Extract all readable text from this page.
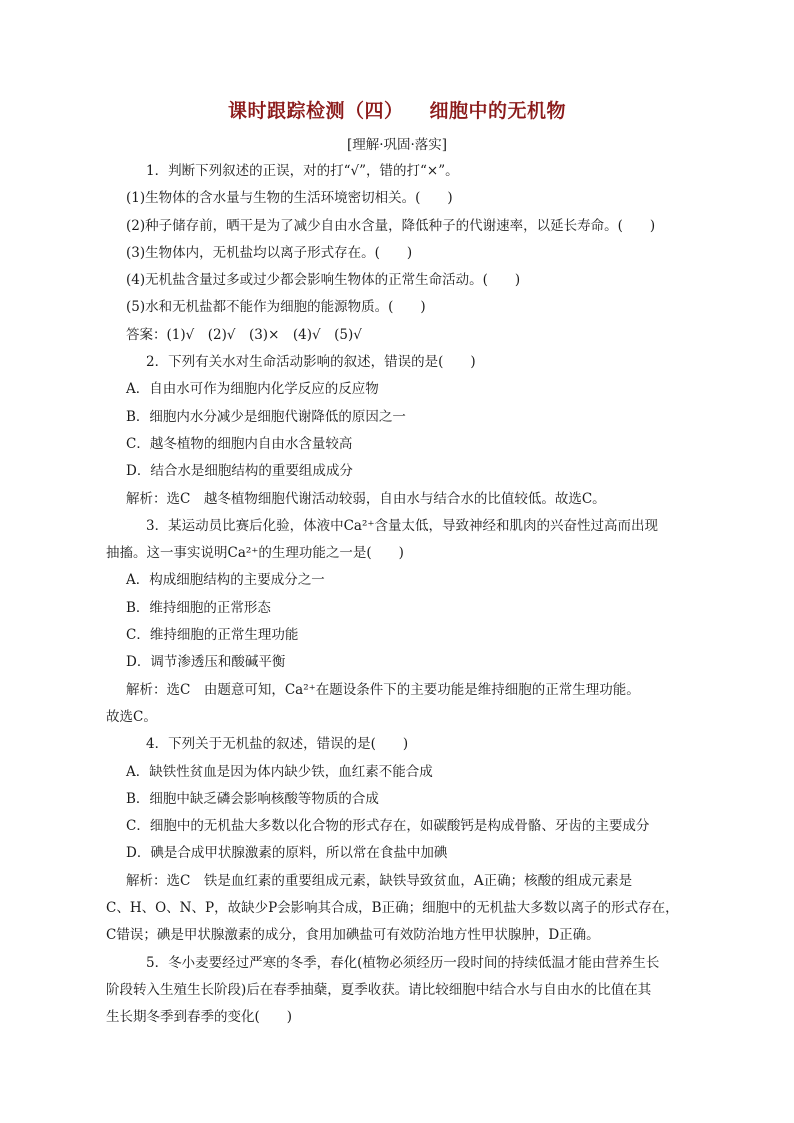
课时跟踪检测（四） 细胞中的无机物
[理解·巩固·落实]
1．判断下列叙述的正误，对的打“√”，错的打“×”。
(1)生物体的含水量与生物的生活环境密切相关。(　　)
(2)种子储存前，晒干是为了减少自由水含量，降低种子的代谢速率，以延长寿命。(　　)
(3)生物体内，无机盐均以离子形式存在。(　　)
(4)无机盐含量过多或过少都会影响生物体的正常生命活动。(　　)
(5)水和无机盐都不能作为细胞的能源物质。(　　)
答案：(1)√　(2)√　(3)×　(4)√　(5)√
2．下列有关水对生命活动影响的叙述，错误的是(　　)
A．自由水可作为细胞内化学反应的反应物
B．细胞内水分减少是细胞代谢降低的原因之一
C．越冬植物的细胞内自由水含量较高
D．结合水是细胞结构的重要组成成分
解析：选C　越冬植物细胞代谢活动较弱，自由水与结合水的比值较低。故选C。
3．某运动员比赛后化验，体液中Ca²⁺含量太低，导致神经和肌肉的兴奋性过高而出现
抽搐。这一事实说明Ca²⁺的生理功能之一是(　　)
A．构成细胞结构的主要成分之一
B．维持细胞的正常形态
C．维持细胞的正常生理功能
D．调节渗透压和酸碱平衡
解析：选C　由题意可知，Ca²⁺在题设条件下的主要功能是维持细胞的正常生理功能。
故选C。
4．下列关于无机盐的叙述，错误的是(　　)
A．缺铁性贫血是因为体内缺少铁，血红素不能合成
B．细胞中缺乏磷会影响核酸等物质的合成
C．细胞中的无机盐大多数以化合物的形式存在，如碳酸钙是构成骨骼、牙齿的主要成分
D．碘是合成甲状腺激素的原料，所以常在食盐中加碘
解析：选C　铁是血红素的重要组成元素，缺铁导致贫血，A正确；核酸的组成元素是
C、H、O、N、P，故缺少P会影响其合成，B正确；细胞中的无机盐大多数以离子的形式存在，
C错误；碘是甲状腺激素的成分，食用加碘盐可有效防治地方性甲状腺肿，D正确。
5．冬小麦要经过严寒的冬季，春化(植物必须经历一段时间的持续低温才能由营养生长
阶段转入生殖生长阶段)后在春季抽蘖，夏季收获。请比较细胞中结合水与自由水的比值在其
生长期冬季到春季的变化(　　)
